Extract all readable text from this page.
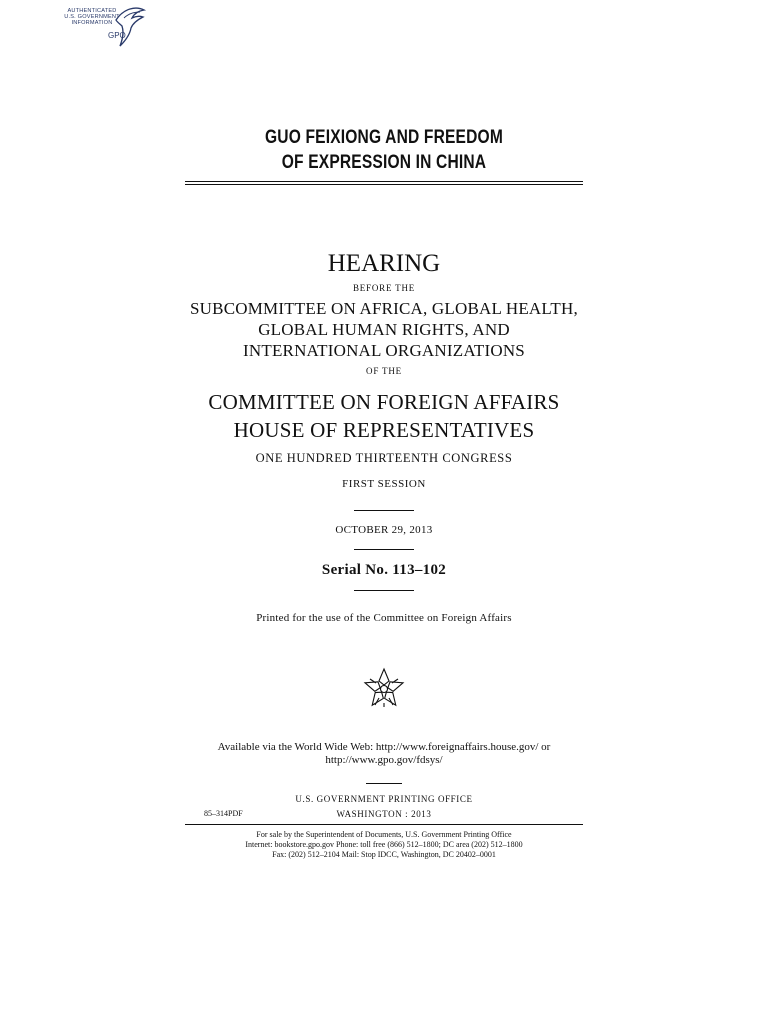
AUTHENTICATED
U.S. GOVERNMENT
INFORMATION
GPO
GUO FEIXIONG AND FREEDOM
OF EXPRESSION IN CHINA
HEARING
BEFORE THE
SUBCOMMITTEE ON AFRICA, GLOBAL HEALTH,
GLOBAL HUMAN RIGHTS, AND
INTERNATIONAL ORGANIZATIONS
OF THE
COMMITTEE ON FOREIGN AFFAIRS
HOUSE OF REPRESENTATIVES
ONE HUNDRED THIRTEENTH CONGRESS
FIRST SESSION
OCTOBER 29, 2013
Serial No. 113–102
Printed for the use of the Committee on Foreign Affairs
Available via the World Wide Web: http://www.foreignaffairs.house.gov/ or
http://www.gpo.gov/fdsys/
U.S. GOVERNMENT PRINTING OFFICE
85–314PDF	WASHINGTON : 2013
For sale by the Superintendent of Documents, U.S. Government Printing Office
Internet: bookstore.gpo.gov Phone: toll free (866) 512–1800; DC area (202) 512–1800
Fax: (202) 512–2104 Mail: Stop IDCC, Washington, DC 20402–0001
